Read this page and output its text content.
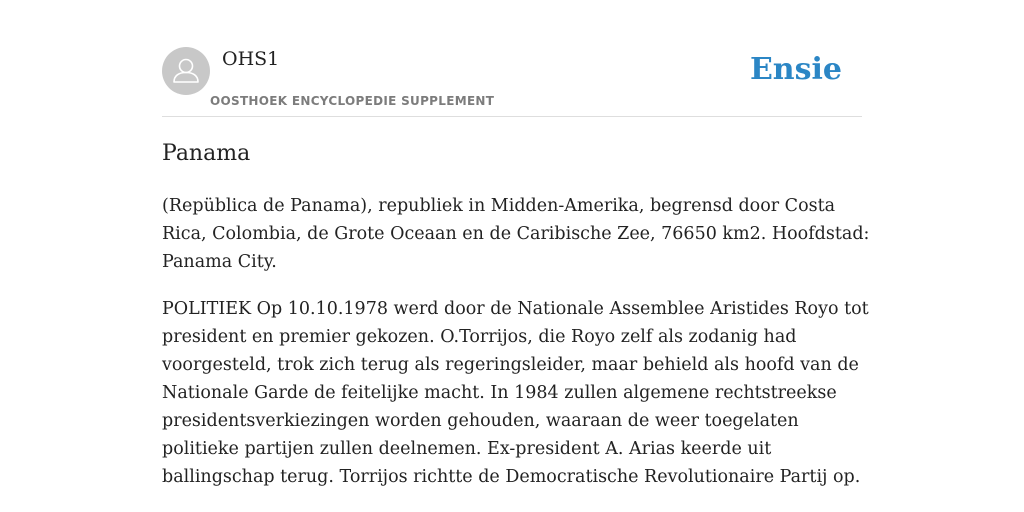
OHS1
OOSTHOEK ENCYCLOPEDIE SUPPLEMENT
Ensie
Panama

(Repüblica de Panama), republiek in Midden-Amerika, begrensd door Costa Rica, Colombia, de Grote Oceaan en de Caribische Zee, 76650 km2. Hoofdstad: Panama City.

POLITIEK Op 10.10.1978 werd door de Nationale Assemblee Aristides Royo tot president en premier gekozen. O.Torrijos, die Royo zelf als zodanig had voorgesteld, trok zich terug als regeringsleider, maar behield als hoofd van de Nationale Garde de feitelijke macht. In 1984 zullen algemene rechtstreekse presidentsverkiezingen worden gehouden, waaraan de weer toegelaten politieke partijen zullen deelnemen. Ex-president A. Arias keerde uit ballingschap terug. Torrijos richtte de Democratische Revolutionaire Partij op.
